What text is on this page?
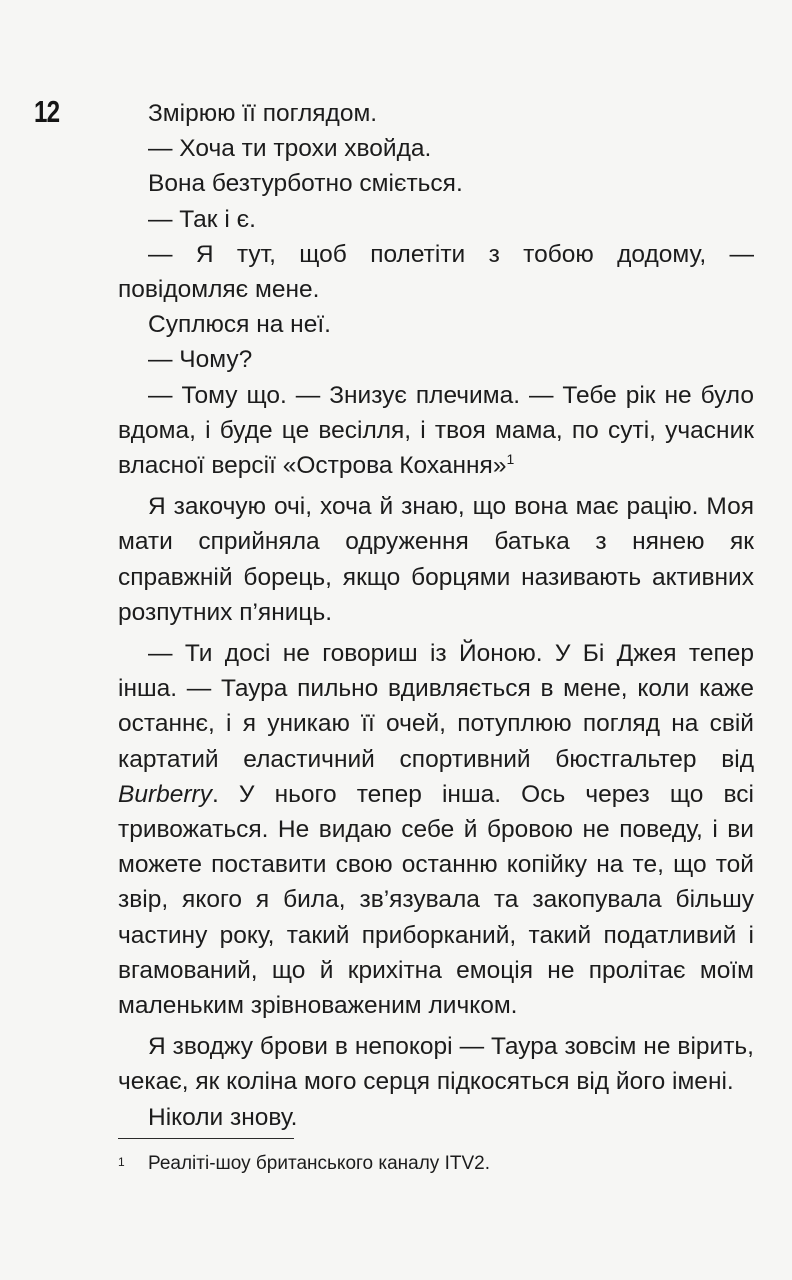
12	Змірюю її поглядом.

— Хоча ти трохи хвойда.

Вона безтурботно сміється.

— Так і є.

— Я тут, щоб полетіти з тобою додому, — повідомляє мене.

Суплюся на неї.

— Чому?

— Тому що. — Знизує плечима. — Тебе рік не було вдома, і буде це весілля, і твоя мама, по суті, учасник власної версії «Острова Кохання»$^1$

Я закочую очі, хоча й знаю, що вона має рацію. Моя мати сприйняла одруження батька з нянею як справжній борець, якщо борцями називають активних розпутних п’яниць.

— Ти досі не говориш із Йоною. У Бі Джея тепер інша. — Таура пильно вдивляється в мене, коли каже останнє, і я уникаю її очей, потуплюю погляд на свій картатий еластичний спортивний бюстгальтер від Burberry. У нього тепер інша. Ось через що всі тривожаться. Не видаю себе й бровою не поведу, і ви можете поставити свою останню копійку на те, що той звір, якого я била, зв’язувала та закопувала більшу частину року, такий приборканий, такий податливий і вгамований, що й крихітна емоція не пролітає моїм маленьким зрівноваженим личком.

Я зводжу брови в непокорі — Таура зовсім не вірить, чекає, як коліна мого серця підкосяться від його імені.

Ніколи знову.

1 Реаліті-шоу британського каналу ITV2.
